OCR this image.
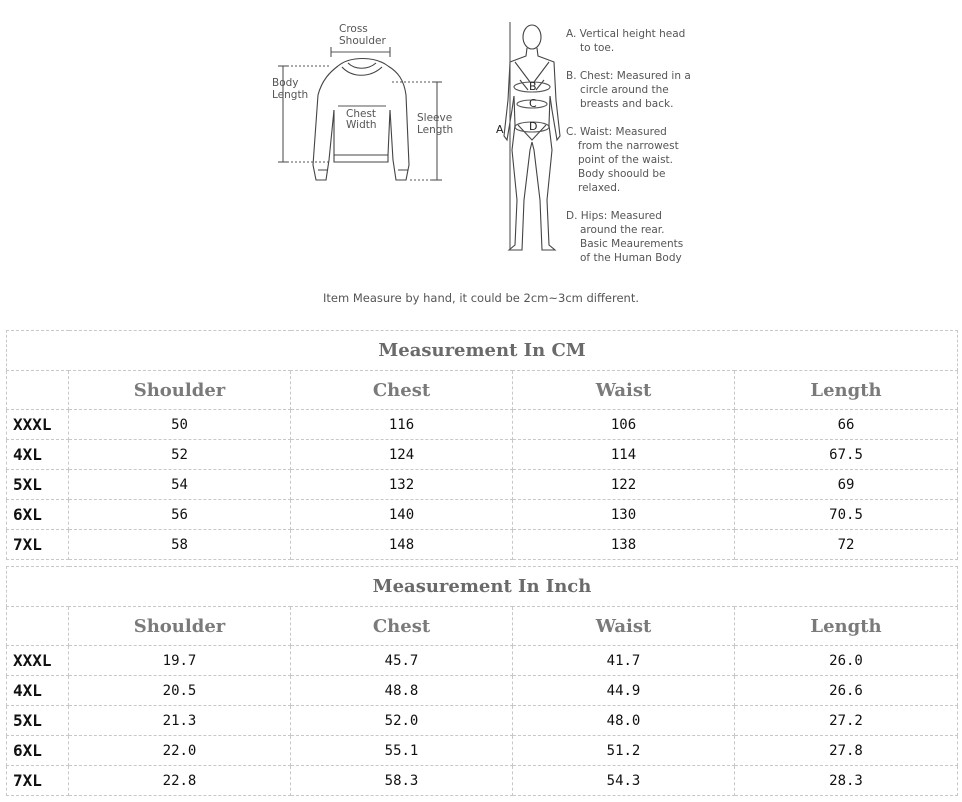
Cross
Shoulder
Body
Length
Chest
Width
Sleeve
Length	A
B
C
D
A. Vertical height head
to toe.
B. Chest: Measured in a
circle around the
breasts and back.
C. Waist: Measured
from the narrowest
point of the waist.
Body shoould be
relaxed.
D. Hips: Measured
around the rear.
Basic Meaurements
of the Human Body
Item Measure by hand, it could be 2cm~3cm different.
Measurement In CM				
	Shoulder	Chest	Waist	Length
XXXL	50	116	106	66
4XL	52	124	114	67.5
5XL	54	132	122	69
6XL	56	140	130	70.5
7XL	58	148	138	72
Measurement In Inch				
	Shoulder	Chest	Waist	Length
XXXL	19.7	45.7	41.7	26.0
4XL	20.5	48.8	44.9	26.6
5XL	21.3	52.0	48.0	27.2
6XL	22.0	55.1	51.2	27.8
7XL	22.8	58.3	54.3	28.3
